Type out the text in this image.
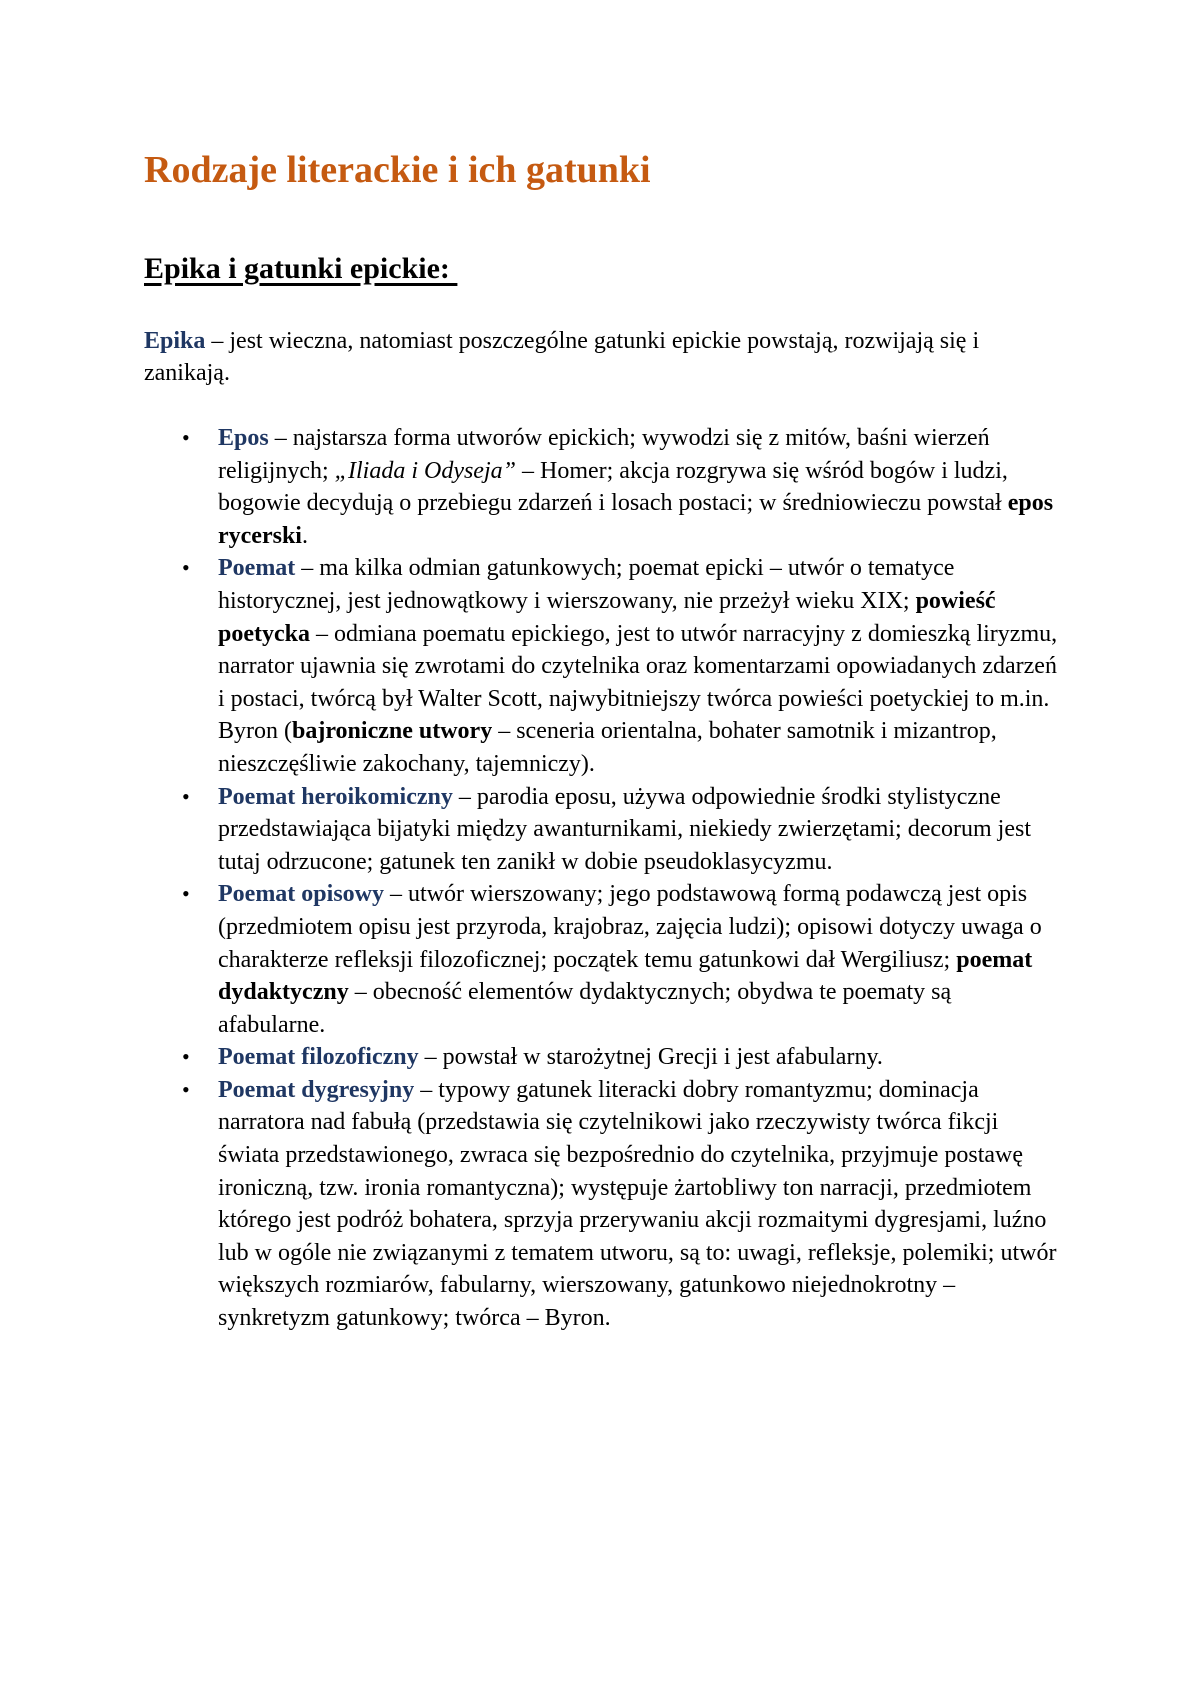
Rodzaje literackie i ich gatunki
Epika i gatunki epickie:

Epika – jest wieczna, natomiast poszczególne gatunki epickie powstają, rozwijają się i zanikają.

• Epos – najstarsza forma utworów epickich; wywodzi się z mitów, baśni wierzeń religijnych; „Iliada i Odyseja” – Homer; akcja rozgrywa się wśród bogów i ludzi, bogowie decydują o przebiegu zdarzeń i losach postaci; w średniowieczu powstał epos rycerski.
• Poemat – ma kilka odmian gatunkowych; poemat epicki – utwór o tematyce historycznej, jest jednowątkowy i wierszowany, nie przeżył wieku XIX; powieść poetycka – odmiana poematu epickiego, jest to utwór narracyjny z domieszką liryzmu, narrator ujawnia się zwrotami do czytelnika oraz komentarzami opowiadanych zdarzeń i postaci, twórcą był Walter Scott, najwybitniejszy twórca powieści poetyckiej to m.in. Byron (bajroniczne utwory – sceneria orientalna, bohater samotnik i mizantrop, nieszczęśliwie zakochany, tajemniczy).
• Poemat heroikomiczny – parodia eposu, używa odpowiednie środki stylistyczne przedstawiająca bijatyki między awanturnikami, niekiedy zwierzętami; decorum jest tutaj odrzucone; gatunek ten zanikł w dobie pseudoklasycyzmu.
• Poemat opisowy – utwór wierszowany; jego podstawową formą podawczą jest opis (przedmiotem opisu jest przyroda, krajobraz, zajęcia ludzi); opisowi dotyczy uwaga o charakterze refleksji filozoficznej; początek temu gatunkowi dał Wergiliusz; poemat dydaktyczny – obecność elementów dydaktycznych; obydwa te poematy są afabularne.
• Poemat filozoficzny – powstał w starożytnej Grecji i jest afabularny.
• Poemat dygresyjny – typowy gatunek literacki dobry romantyzmu; dominacja narratora nad fabułą (przedstawia się czytelnikowi jako rzeczywisty twórca fikcji świata przedstawionego, zwraca się bezpośrednio do czytelnika, przyjmuje postawę ironiczną, tzw. ironia romantyczna); występuje żartobliwy ton narracji, przedmiotem którego jest podróż bohatera, sprzyja przerywaniu akcji rozmaitymi dygresjami, luźno lub w ogóle nie związanymi z tematem utworu, są to: uwagi, refleksje, polemiki; utwór większych rozmiarów, fabularny, wierszowany, gatunkowo niejednokrotny – synkretyzm gatunkowy; twórca – Byron.
